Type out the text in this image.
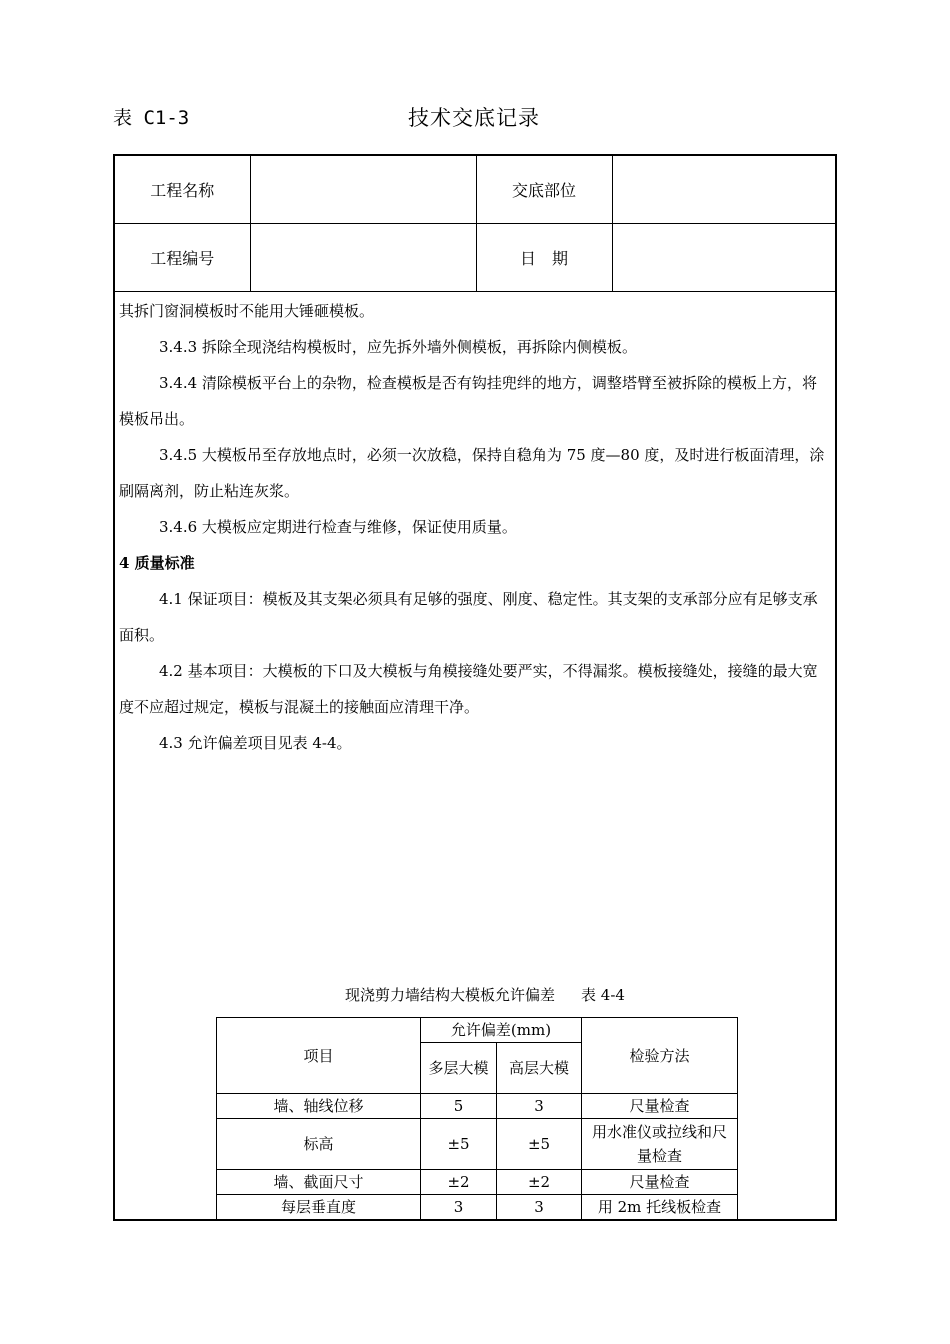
表 C1-3	技术交底记录
工程名称		交底部位	
工程编号		日　期	

其拆门窗洞模板时不能用大锤砸模板。

3.4.3 拆除全现浇结构模板时，应先拆外墙外侧模板，再拆除内侧模板。

3.4.4 清除模板平台上的杂物，检查模板是否有钩挂兜绊的地方，调整塔臂至被拆除的模板上方，将模板吊出。

3.4.5 大模板吊至存放地点时，必须一次放稳，保持自稳角为 75 度—80 度，及时进行板面清理，涂刷隔离剂，防止粘连灰浆。

3.4.6 大模板应定期进行检查与维修，保证使用质量。

4 质量标准

4.1 保证项目：模板及其支架必须具有足够的强度、刚度、稳定性。其支架的支承部分应有足够支承面积。

4.2 基本项目：大模板的下口及大模板与角模接缝处要严实，不得漏浆。模板接缝处，接缝的最大宽度不应超过规定，模板与混凝土的接触面应清理干净。

4.3 允许偏差项目见表 4-4。

现浇剪力墙结构大模板允许偏差 表 4-4
项目	允许偏差(mm)		检验方法
	多层大模	高层大模	
墙、轴线位移	5	3	尺量检查
标高	±5	±5	用水准仪或拉线和尺量检查
墙、截面尺寸	±2	±2	尺量检查
每层垂直度	3	3	用 2m 托线板检查
